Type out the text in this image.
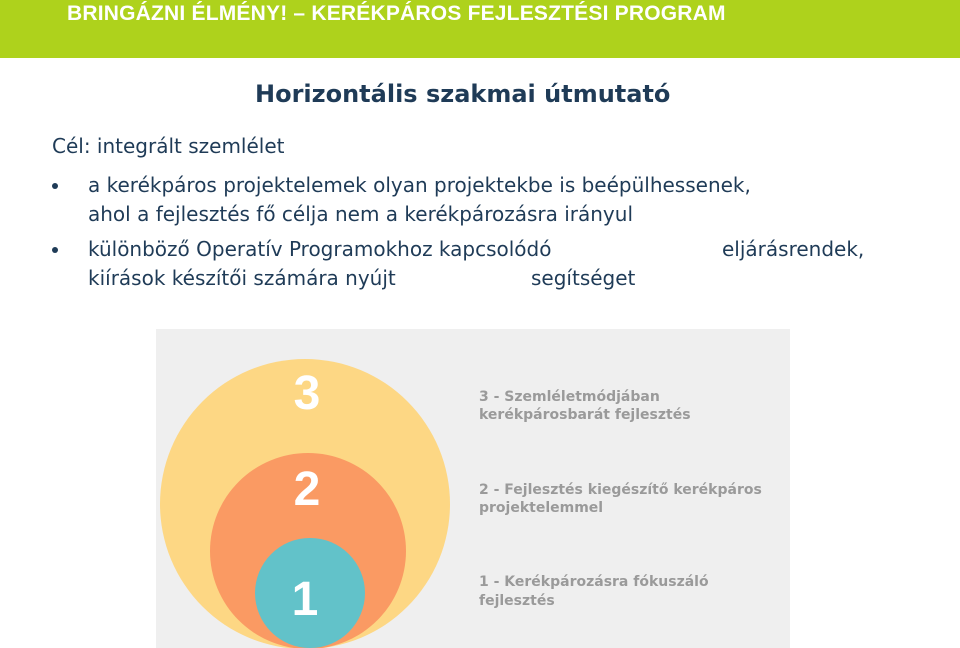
BRINGÁZNI ÉLMÉNY! – KERÉKPÁROS FEJLESZTÉSI PROGRAM
Horizontális szakmai útmutató
Cél: integrált szemlélet
a kerékpáros projektelemek olyan projektekbe is beépülhessenek,
ahol a fejlesztés fő célja nem a kerékpározásra irányul
különböző Operatív Programokhoz kapcsolódó	eljárásrendek,
kiírások készítői számára nyújt	segítséget
3
2
1
3 - Szemléletmódjában
kerékpárosbarát fejlesztés
2 - Fejlesztés kiegészítő kerékpáros
projektelemmel
1 - Kerékpározásra fókuszáló
fejlesztés
